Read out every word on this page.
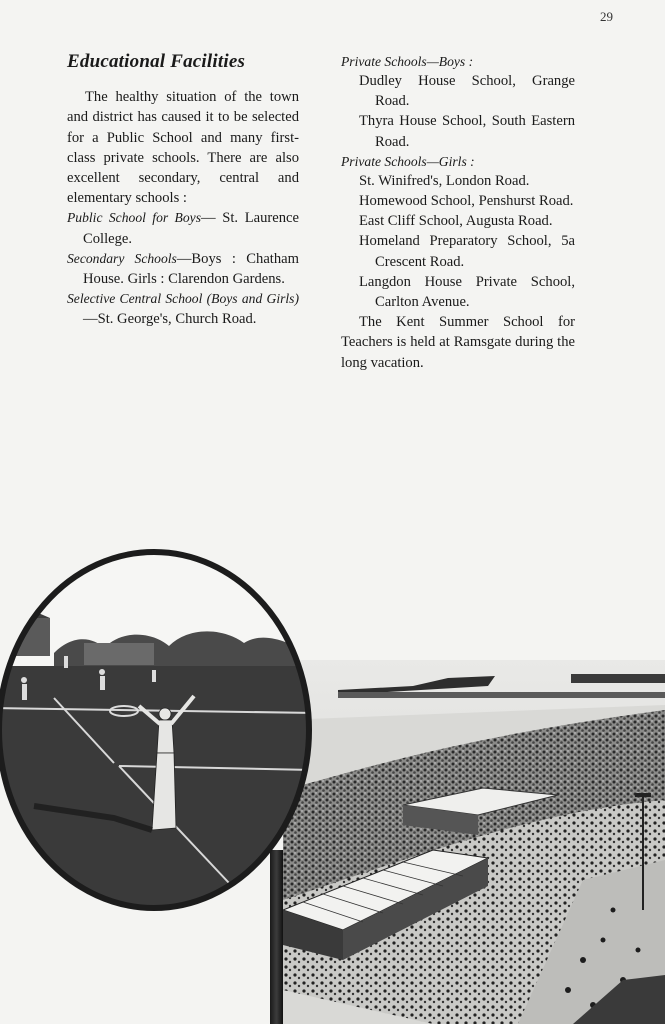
29
Educational Facilities

The healthy situation of the town and district has caused it to be selected for a Public School and many first-class private schools. There are also excellent secondary, central and elementary schools :

Public School for Boys— St. Laurence College.

Secondary Schools—Boys : Chatham House. Girls : Clarendon Gardens.

Selective Central School (Boys and Girls)—St. George's, Church Road.

Private Schools—Boys :

Dudley House School, Grange Road.

Thyra House School, South Eastern Road.

Private Schools—Girls :

St. Winifred's, London Road.

Homewood School, Penshurst Road.

East Cliff School, Augusta Road.

Homeland Preparatory School, 5a Crescent Road.

Langdon House Private School, Carlton Avenue.

The Kent Summer School for Teachers is held at Ramsgate during the long vacation.
